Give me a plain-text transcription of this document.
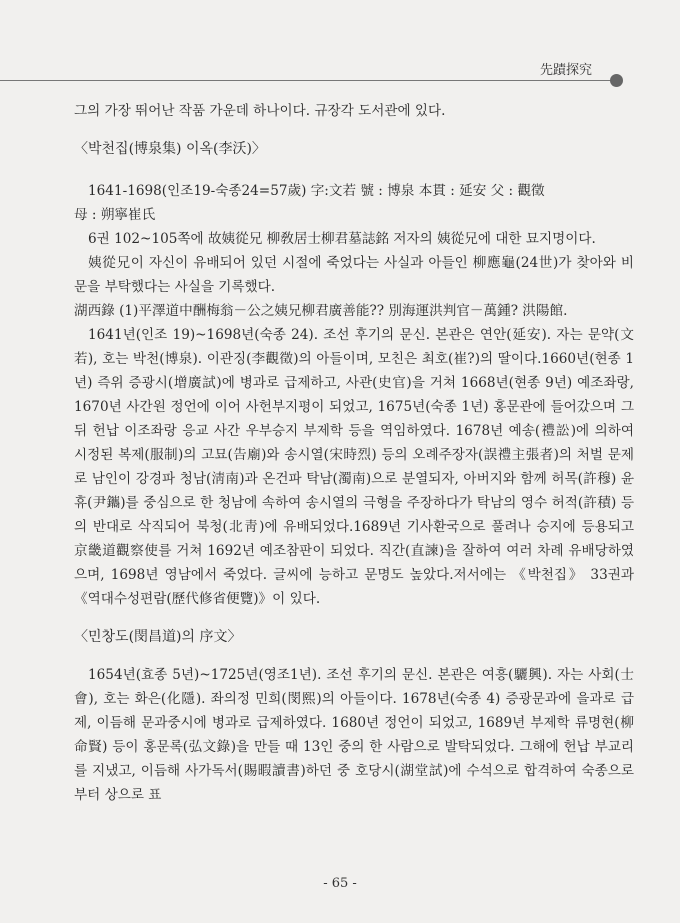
先蹟探究

그의 가장 뛰어난 작품 가운데 하나이다. 규장각 도서관에 있다.

〈박천집(博泉集) 이옥(李沃)〉

1641-1698(인조19-숙종24=57歲) 字:文若 號 : 博泉 本貫 : 延安 父 : 觀徵

母 : 朔寧崔氏

6권 102~105쪽에 故姨從兄 柳敎居士柳君墓誌銘 저자의 姨從兄에 대한 묘지명이다.

姨從兄이 자신이 유배되어 있던 시절에 죽었다는 사실과 아들인 柳應龜(24世)가 찾아와 비문을 부탁했다는 사실을 기록했다.

湖西錄 (1)平澤道中酬梅翁－公之姨兄柳君廣善能?? 別海運洪判官－萬鍾? 洪陽館.

1641년(인조 19)~1698년(숙종 24). 조선 후기의 문신. 본관은 연안(延安). 자는 문약(文若), 호는 박천(博泉). 이관징(李觀徵)의 아들이며, 모친은 최호(崔?)의 딸이다.1660년(현종 1년) 즉위 증광시(增廣試)에 병과로 급제하고, 사관(史官)을 거쳐 1668년(현종 9년) 예조좌랑, 1670년 사간원 정언에 이어 사헌부지평이 되었고, 1675년(숙종 1년) 홍문관에 들어갔으며 그 뒤 헌납 이조좌랑 응교 사간 우부승지 부제학 등을 역임하였다. 1678년 예송(禮訟)에 의하여 시정된 복제(服制)의 고묘(告廟)와 송시열(宋時烈) 등의 오례주장자(誤禮主張者)의 처벌 문제로 남인이 강경파 청남(淸南)과 온건파 탁남(濁南)으로 분열되자, 아버지와 함께 허목(許穆) 윤휴(尹鑴)를 중심으로 한 청남에 속하여 송시열의 극형을 주장하다가 탁남의 영수 허적(許積) 등의 반대로 삭직되어 북청(北靑)에 유배되었다.1689년 기사환국으로 풀려나 승지에 등용되고 京畿道觀察使를 거쳐 1692년 예조참판이 되었다. 직간(直諫)을 잘하여 여러 차례 유배당하였으며, 1698년 영남에서 죽었다. 글씨에 능하고 문명도 높았다.저서에는 《박천집》 33권과 《역대수성편람(歷代修省便覽)》이 있다.

〈민창도(閔昌道)의 序文〉

1654년(효종 5년)~1725년(영조1년). 조선 후기의 문신. 본관은 여흥(驪興). 자는 사회(士會), 호는 화은(化隱). 좌의정 민희(閔熙)의 아들이다. 1678년(숙종 4) 증광문과에 을과로 급제, 이듬해 문과중시에 병과로 급제하였다. 1680년 정언이 되었고, 1689년 부제학 류명현(柳命賢) 등이 홍문록(弘文錄)을 만들 때 13인 중의 한 사람으로 발탁되었다. 그해에 헌납 부교리를 지냈고, 이듬해 사가독서(賜暇讀書)하던 중 호당시(湖堂試)에 수석으로 합격하여 숙종으로부터 상으로 표

- 65 -
